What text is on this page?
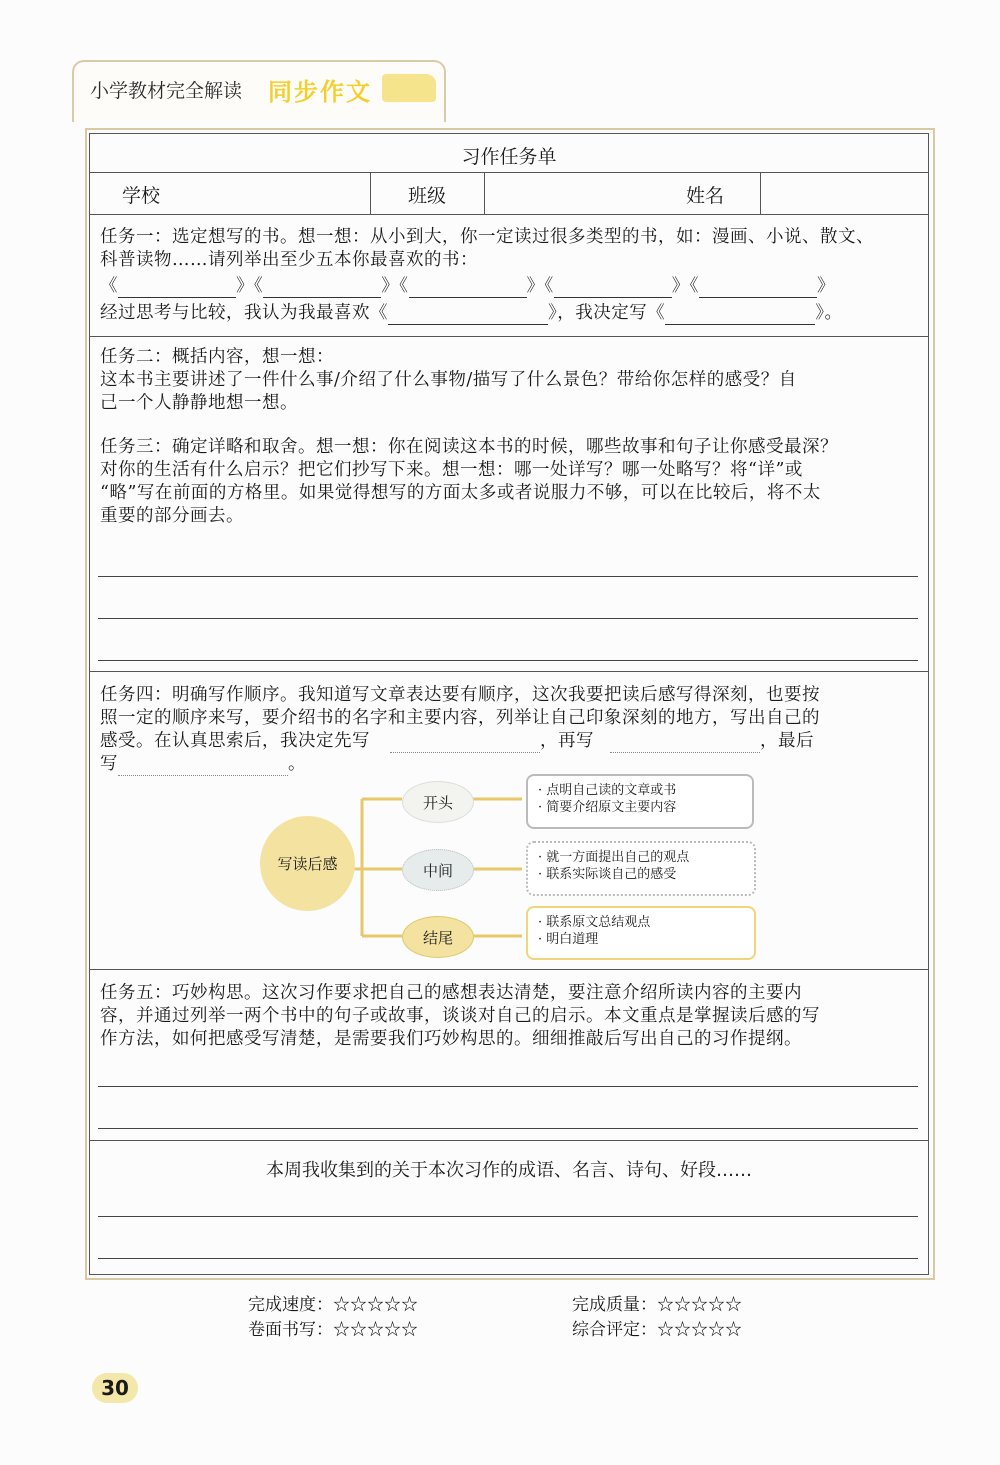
小学教材完全解读 同步作文
习作任务单
学校	班级	姓名
任务一：选定想写的书。想一想：从小到大，你一定读过很多类型的书，如：漫画、小说、散文、
科普读物……请列举出至少五本你最喜欢的书：
《	》《	》《	》《	》《	》
经过思考与比较，我认为我最喜欢《	》，我决定写《	》。
任务二：概括内容，想一想：
这本书主要讲述了一件什么事/介绍了什么事物/描写了什么景色？带给你怎样的感受？自
己一个人静静地想一想。
任务三：确定详略和取舍。想一想：你在阅读这本书的时候，哪些故事和句子让你感受最深？
对你的生活有什么启示？把它们抄写下来。想一想：哪一处详写？哪一处略写？将“详”或
“略”写在前面的方格里。如果觉得想写的方面太多或者说服力不够，可以在比较后，将不太
重要的部分画去。
任务四：明确写作顺序。我知道写文章表达要有顺序，这次我要把读后感写得深刻，也要按
照一定的顺序来写，要介绍书的名字和主要内容，列举让自己印象深刻的地方，写出自己的
感受。在认真思索后，我决定先写	，再写	，最后
写	。
写读后感
开头
中间
结尾
· 点明自己读的文章或书
· 简要介绍原文主要内容
· 就一方面提出自己的观点
· 联系实际谈自己的感受
· 联系原文总结观点
· 明白道理
任务五：巧妙构思。这次习作要求把自己的感想表达清楚，要注意介绍所读内容的主要内
容，并通过列举一两个书中的句子或故事，谈谈对自己的启示。本文重点是掌握读后感的写
作方法，如何把感受写清楚，是需要我们巧妙构思的。细细推敲后写出自己的习作提纲。
本周我收集到的关于本次习作的成语、名言、诗句、好段……
完成速度：☆☆☆☆☆	完成质量：☆☆☆☆☆
卷面书写：☆☆☆☆☆	综合评定：☆☆☆☆☆
30
